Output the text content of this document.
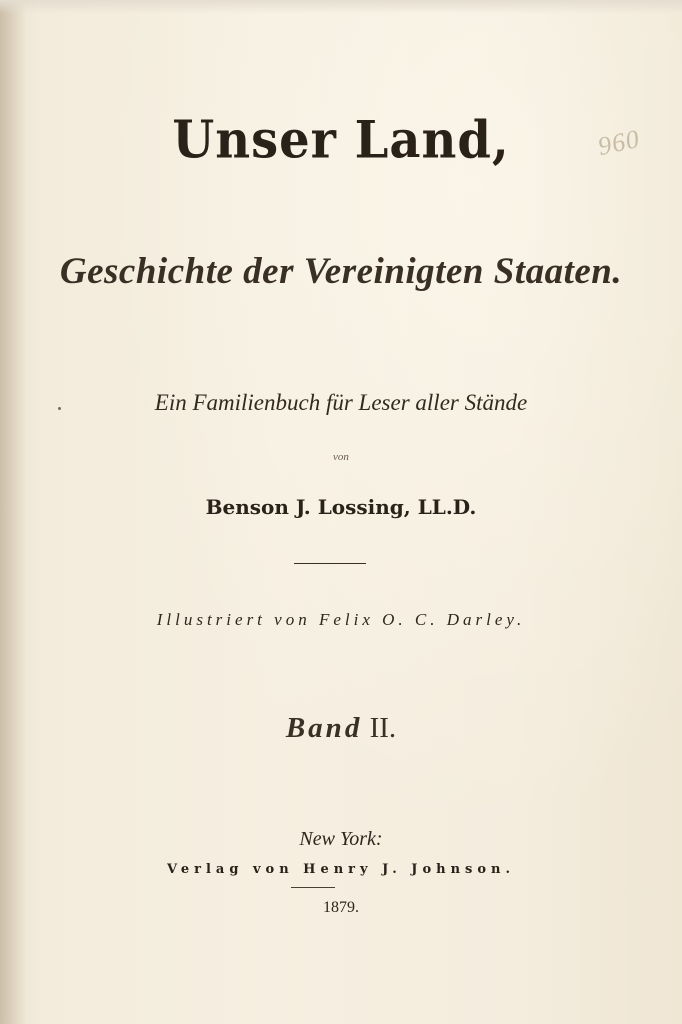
Unser Land,	960
Geschichte der Vereinigten Staaten.
Ein Familienbuch für Leser aller Stände
von
Benson J. Lossing, LL.D.
Illustriert von Felix O. C. Darley.
Band II.
New York:
Verlag von Henry J. Johnson.
1879.
